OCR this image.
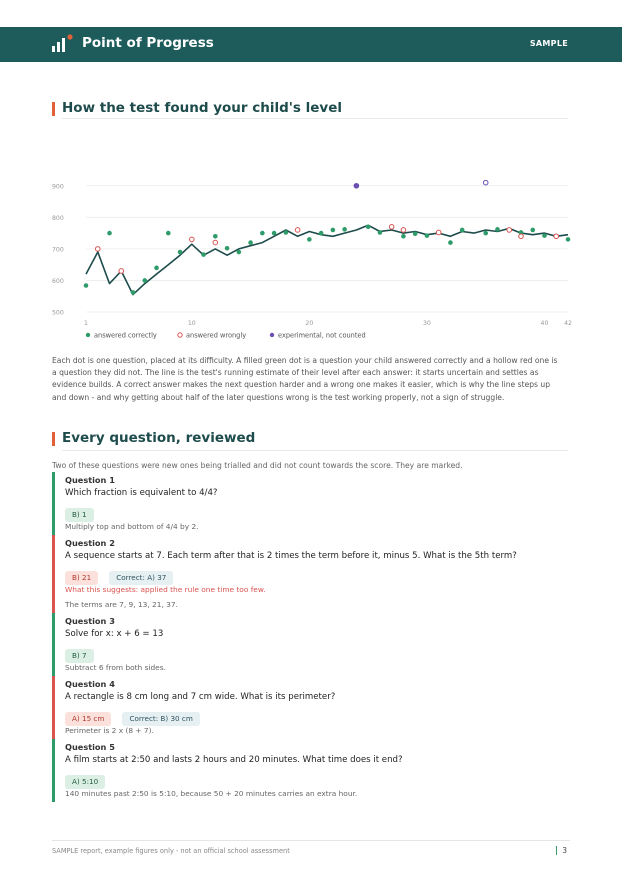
Point of Progress	SAMPLE
How the test found your child's level
500
600
700
800
900
1	10	20	30	40	42
answered correctly	answered wrongly	experimental, not counted
Each dot is one question, placed at its difficulty. A filled green dot is a question your child answered correctly and a hollow red one is a question they did not. The line is the test's running estimate of their level after each answer: it starts uncertain and settles as evidence builds. A correct answer makes the next question harder and a wrong one makes it easier, which is why the line steps up and down - and why getting about half of the later questions wrong is the test working properly, not a sign of struggle.
Every question, reviewed
Two of these questions were new ones being trialled and did not count towards the score. They are marked.
Question 1
Which fraction is equivalent to 4/4?
B) 1
Multiply top and bottom of 4/4 by 2.
Question 2
A sequence starts at 7. Each term after that is 2 times the term before it, minus 5. What is the 5th term?
B) 21	Correct: A) 37
What this suggests: applied the rule one time too few.
The terms are 7, 9, 13, 21, 37.
Question 3
Solve for x: x + 6 = 13
B) 7
Subtract 6 from both sides.
Question 4
A rectangle is 8 cm long and 7 cm wide. What is its perimeter?
A) 15 cm	Correct: B) 30 cm
Perimeter is 2 x (8 + 7).
Question 5
A film starts at 2:50 and lasts 2 hours and 20 minutes. What time does it end?
A) 5:10
140 minutes past 2:50 is 5:10, because 50 + 20 minutes carries an extra hour.
SAMPLE report, example figures only - not an official school assessment	3
